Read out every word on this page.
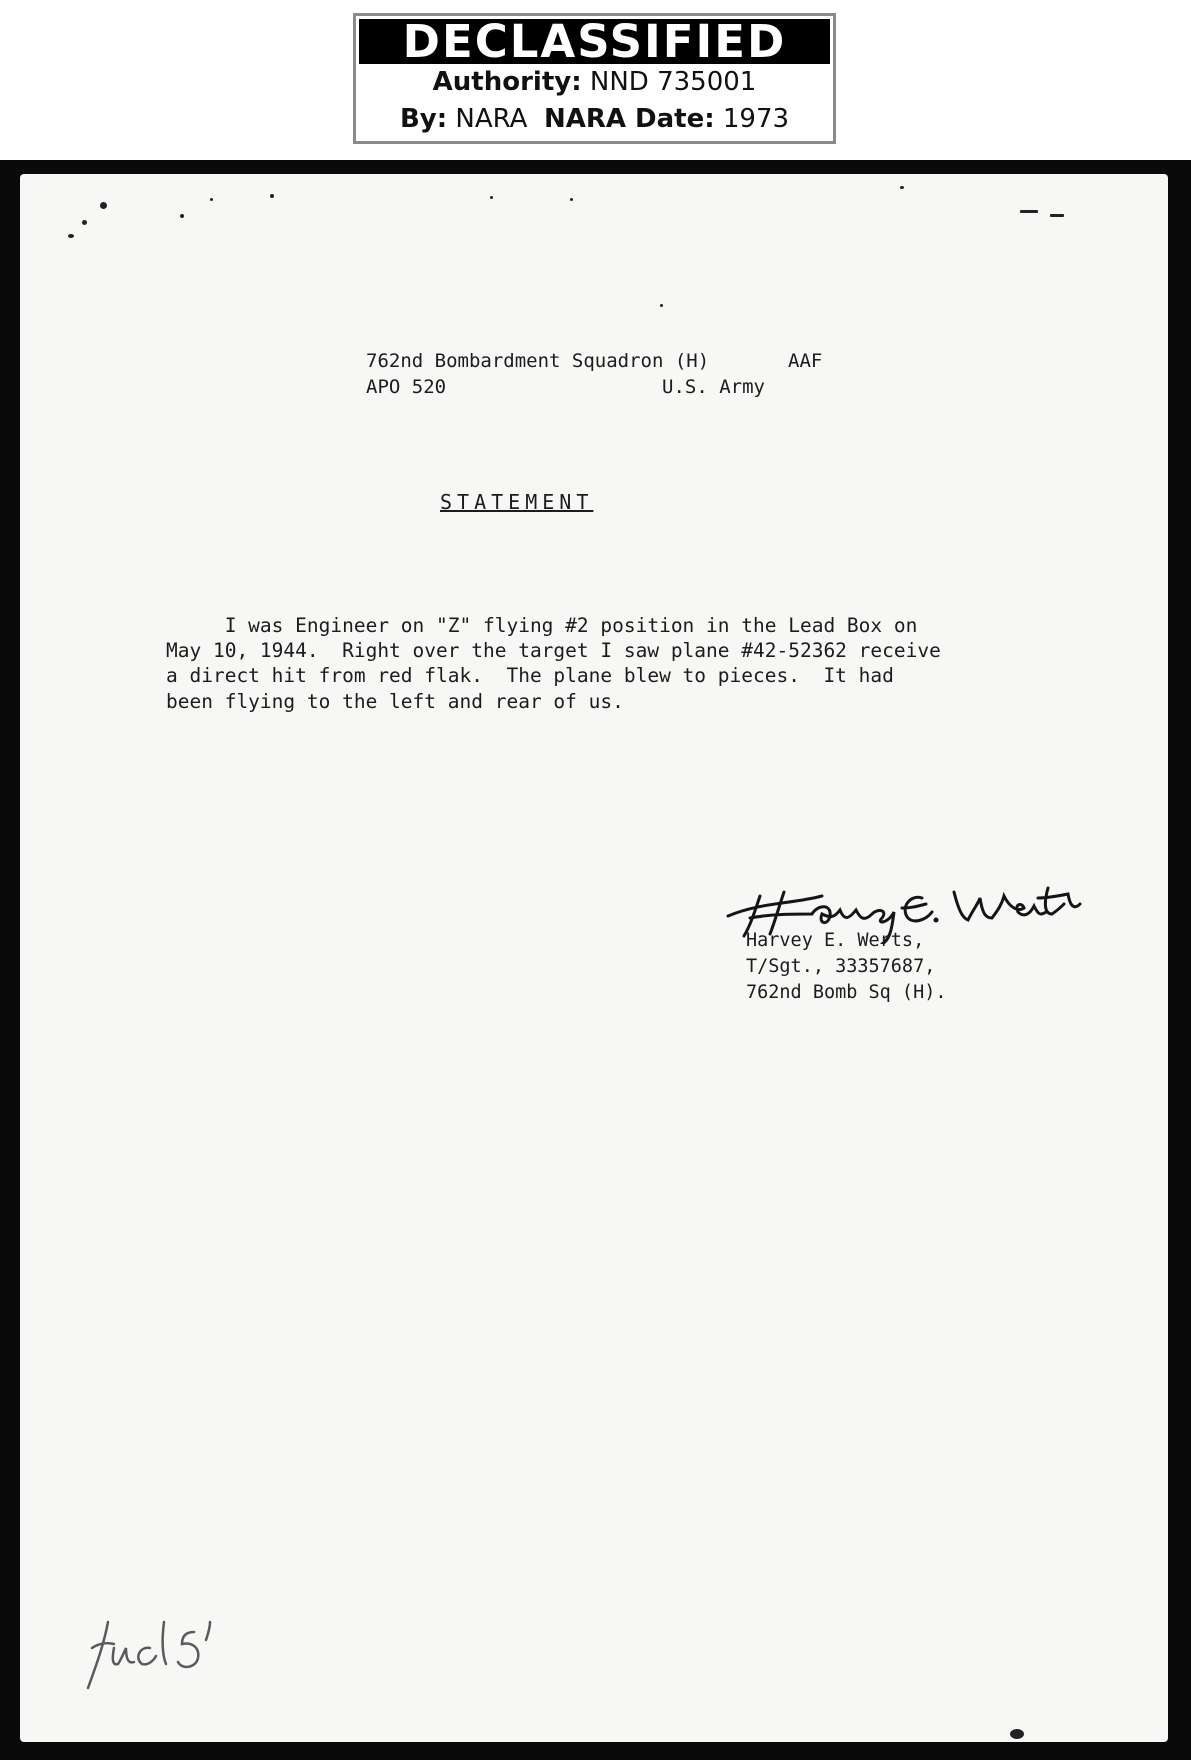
DECLASSIFIED
Authority: NND 735001
By: NARA NARA Date: 1973
762nd Bombardment Squadron (H)	AAF
APO 520	U.S. Army
STATEMENT
I was Engineer on "Z" flying #2 position in the Lead Box on
May 10, 1944.  Right over the target I saw plane #42-52362 receive
a direct hit from red flak.  The plane blew to pieces.  It had
been flying to the left and rear of us.
Harvey E. Werts,
T/Sgt., 33357687,
762nd Bomb Sq (H).
